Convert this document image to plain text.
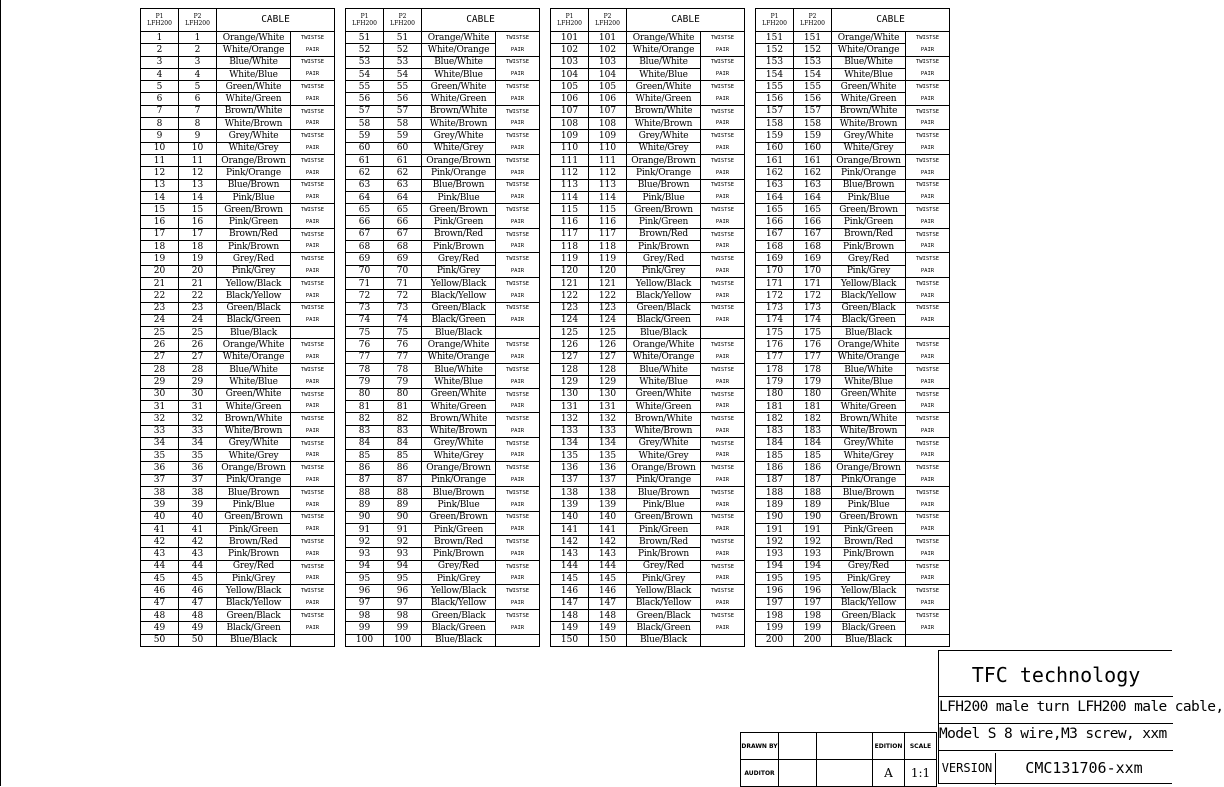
P1
LFH200	P2
LFH200	CABLE	
1	1	Orange/White	TWISTSE
2	2	White/Orange	PAIR
3	3	Blue/White	TWISTSE
4	4	White/Blue	PAIR
5	5	Green/White	TWISTSE
6	6	White/Green	PAIR
7	7	Brown/White	TWISTSE
8	8	White/Brown	PAIR
9	9	Grey/White	TWISTSE
10	10	White/Grey	PAIR
11	11	Orange/Brown	TWISTSE
12	12	Pink/Orange	PAIR
13	13	Blue/Brown	TWISTSE
14	14	Pink/Blue	PAIR
15	15	Green/Brown	TWISTSE
16	16	Pink/Green	PAIR
17	17	Brown/Red	TWISTSE
18	18	Pink/Brown	PAIR
19	19	Grey/Red	TWISTSE
20	20	Pink/Grey	PAIR
21	21	Yellow/Black	TWISTSE
22	22	Black/Yellow	PAIR
23	23	Green/Black	TWISTSE
24	24	Black/Green	PAIR
25	25	Blue/Black	
26	26	Orange/White	TWISTSE
27	27	White/Orange	PAIR
28	28	Blue/White	TWISTSE
29	29	White/Blue	PAIR
30	30	Green/White	TWISTSE
31	31	White/Green	PAIR
32	32	Brown/White	TWISTSE
33	33	White/Brown	PAIR
34	34	Grey/White	TWISTSE
35	35	White/Grey	PAIR
36	36	Orange/Brown	TWISTSE
37	37	Pink/Orange	PAIR
38	38	Blue/Brown	TWISTSE
39	39	Pink/Blue	PAIR
40	40	Green/Brown	TWISTSE
41	41	Pink/Green	PAIR
42	42	Brown/Red	TWISTSE
43	43	Pink/Brown	PAIR
44	44	Grey/Red	TWISTSE
45	45	Pink/Grey	PAIR
46	46	Yellow/Black	TWISTSE
47	47	Black/Yellow	PAIR
48	48	Green/Black	TWISTSE
49	49	Black/Green	PAIR
50	50	Blue/Black	
P1
LFH200	P2
LFH200	CABLE	
51	51	Orange/White	TWISTSE
52	52	White/Orange	PAIR
53	53	Blue/White	TWISTSE
54	54	White/Blue	PAIR
55	55	Green/White	TWISTSE
56	56	White/Green	PAIR
57	57	Brown/White	TWISTSE
58	58	White/Brown	PAIR
59	59	Grey/White	TWISTSE
60	60	White/Grey	PAIR
61	61	Orange/Brown	TWISTSE
62	62	Pink/Orange	PAIR
63	63	Blue/Brown	TWISTSE
64	64	Pink/Blue	PAIR
65	65	Green/Brown	TWISTSE
66	66	Pink/Green	PAIR
67	67	Brown/Red	TWISTSE
68	68	Pink/Brown	PAIR
69	69	Grey/Red	TWISTSE
70	70	Pink/Grey	PAIR
71	71	Yellow/Black	TWISTSE
72	72	Black/Yellow	PAIR
73	73	Green/Black	TWISTSE
74	74	Black/Green	PAIR
75	75	Blue/Black	
76	76	Orange/White	TWISTSE
77	77	White/Orange	PAIR
78	78	Blue/White	TWISTSE
79	79	White/Blue	PAIR
80	80	Green/White	TWISTSE
81	81	White/Green	PAIR
82	82	Brown/White	TWISTSE
83	83	White/Brown	PAIR
84	84	Grey/White	TWISTSE
85	85	White/Grey	PAIR
86	86	Orange/Brown	TWISTSE
87	87	Pink/Orange	PAIR
88	88	Blue/Brown	TWISTSE
89	89	Pink/Blue	PAIR
90	90	Green/Brown	TWISTSE
91	91	Pink/Green	PAIR
92	92	Brown/Red	TWISTSE
93	93	Pink/Brown	PAIR
94	94	Grey/Red	TWISTSE
95	95	Pink/Grey	PAIR
96	96	Yellow/Black	TWISTSE
97	97	Black/Yellow	PAIR
98	98	Green/Black	TWISTSE
99	99	Black/Green	PAIR
100	100	Blue/Black	
P1
LFH200	P2
LFH200	CABLE	
101	101	Orange/White	TWISTSE
102	102	White/Orange	PAIR
103	103	Blue/White	TWISTSE
104	104	White/Blue	PAIR
105	105	Green/White	TWISTSE
106	106	White/Green	PAIR
107	107	Brown/White	TWISTSE
108	108	White/Brown	PAIR
109	109	Grey/White	TWISTSE
110	110	White/Grey	PAIR
111	111	Orange/Brown	TWISTSE
112	112	Pink/Orange	PAIR
113	113	Blue/Brown	TWISTSE
114	114	Pink/Blue	PAIR
115	115	Green/Brown	TWISTSE
116	116	Pink/Green	PAIR
117	117	Brown/Red	TWISTSE
118	118	Pink/Brown	PAIR
119	119	Grey/Red	TWISTSE
120	120	Pink/Grey	PAIR
121	121	Yellow/Black	TWISTSE
122	122	Black/Yellow	PAIR
123	123	Green/Black	TWISTSE
124	124	Black/Green	PAIR
125	125	Blue/Black	
126	126	Orange/White	TWISTSE
127	127	White/Orange	PAIR
128	128	Blue/White	TWISTSE
129	129	White/Blue	PAIR
130	130	Green/White	TWISTSE
131	131	White/Green	PAIR
132	132	Brown/White	TWISTSE
133	133	White/Brown	PAIR
134	134	Grey/White	TWISTSE
135	135	White/Grey	PAIR
136	136	Orange/Brown	TWISTSE
137	137	Pink/Orange	PAIR
138	138	Blue/Brown	TWISTSE
139	139	Pink/Blue	PAIR
140	140	Green/Brown	TWISTSE
141	141	Pink/Green	PAIR
142	142	Brown/Red	TWISTSE
143	143	Pink/Brown	PAIR
144	144	Grey/Red	TWISTSE
145	145	Pink/Grey	PAIR
146	146	Yellow/Black	TWISTSE
147	147	Black/Yellow	PAIR
148	148	Green/Black	TWISTSE
149	149	Black/Green	PAIR
150	150	Blue/Black	
P1
LFH200	P2
LFH200	CABLE	
151	151	Orange/White	TWISTSE
152	152	White/Orange	PAIR
153	153	Blue/White	TWISTSE
154	154	White/Blue	PAIR
155	155	Green/White	TWISTSE
156	156	White/Green	PAIR
157	157	Brown/White	TWISTSE
158	158	White/Brown	PAIR
159	159	Grey/White	TWISTSE
160	160	White/Grey	PAIR
161	161	Orange/Brown	TWISTSE
162	162	Pink/Orange	PAIR
163	163	Blue/Brown	TWISTSE
164	164	Pink/Blue	PAIR
165	165	Green/Brown	TWISTSE
166	166	Pink/Green	PAIR
167	167	Brown/Red	TWISTSE
168	168	Pink/Brown	PAIR
169	169	Grey/Red	TWISTSE
170	170	Pink/Grey	PAIR
171	171	Yellow/Black	TWISTSE
172	172	Black/Yellow	PAIR
173	173	Green/Black	TWISTSE
174	174	Black/Green	PAIR
175	175	Blue/Black	
176	176	Orange/White	TWISTSE
177	177	White/Orange	PAIR
178	178	Blue/White	TWISTSE
179	179	White/Blue	PAIR
180	180	Green/White	TWISTSE
181	181	White/Green	PAIR
182	182	Brown/White	TWISTSE
183	183	White/Brown	PAIR
184	184	Grey/White	TWISTSE
185	185	White/Grey	PAIR
186	186	Orange/Brown	TWISTSE
187	187	Pink/Orange	PAIR
188	188	Blue/Brown	TWISTSE
189	189	Pink/Blue	PAIR
190	190	Green/Brown	TWISTSE
191	191	Pink/Green	PAIR
192	192	Brown/Red	TWISTSE
193	193	Pink/Brown	PAIR
194	194	Grey/Red	TWISTSE
195	195	Pink/Grey	PAIR
196	196	Yellow/Black	TWISTSE
197	197	Black/Yellow	PAIR
198	198	Green/Black	TWISTSE
199	199	Black/Green	PAIR
200	200	Blue/Black	
DRAWN BY			EDITION	SCALE
AUDITOR			A	1:1
TFC technology
LFH200 male turn LFH200 male cable,
Model S 8 wire,M3 screw, xxm
VERSION	CMC131706-xxm
